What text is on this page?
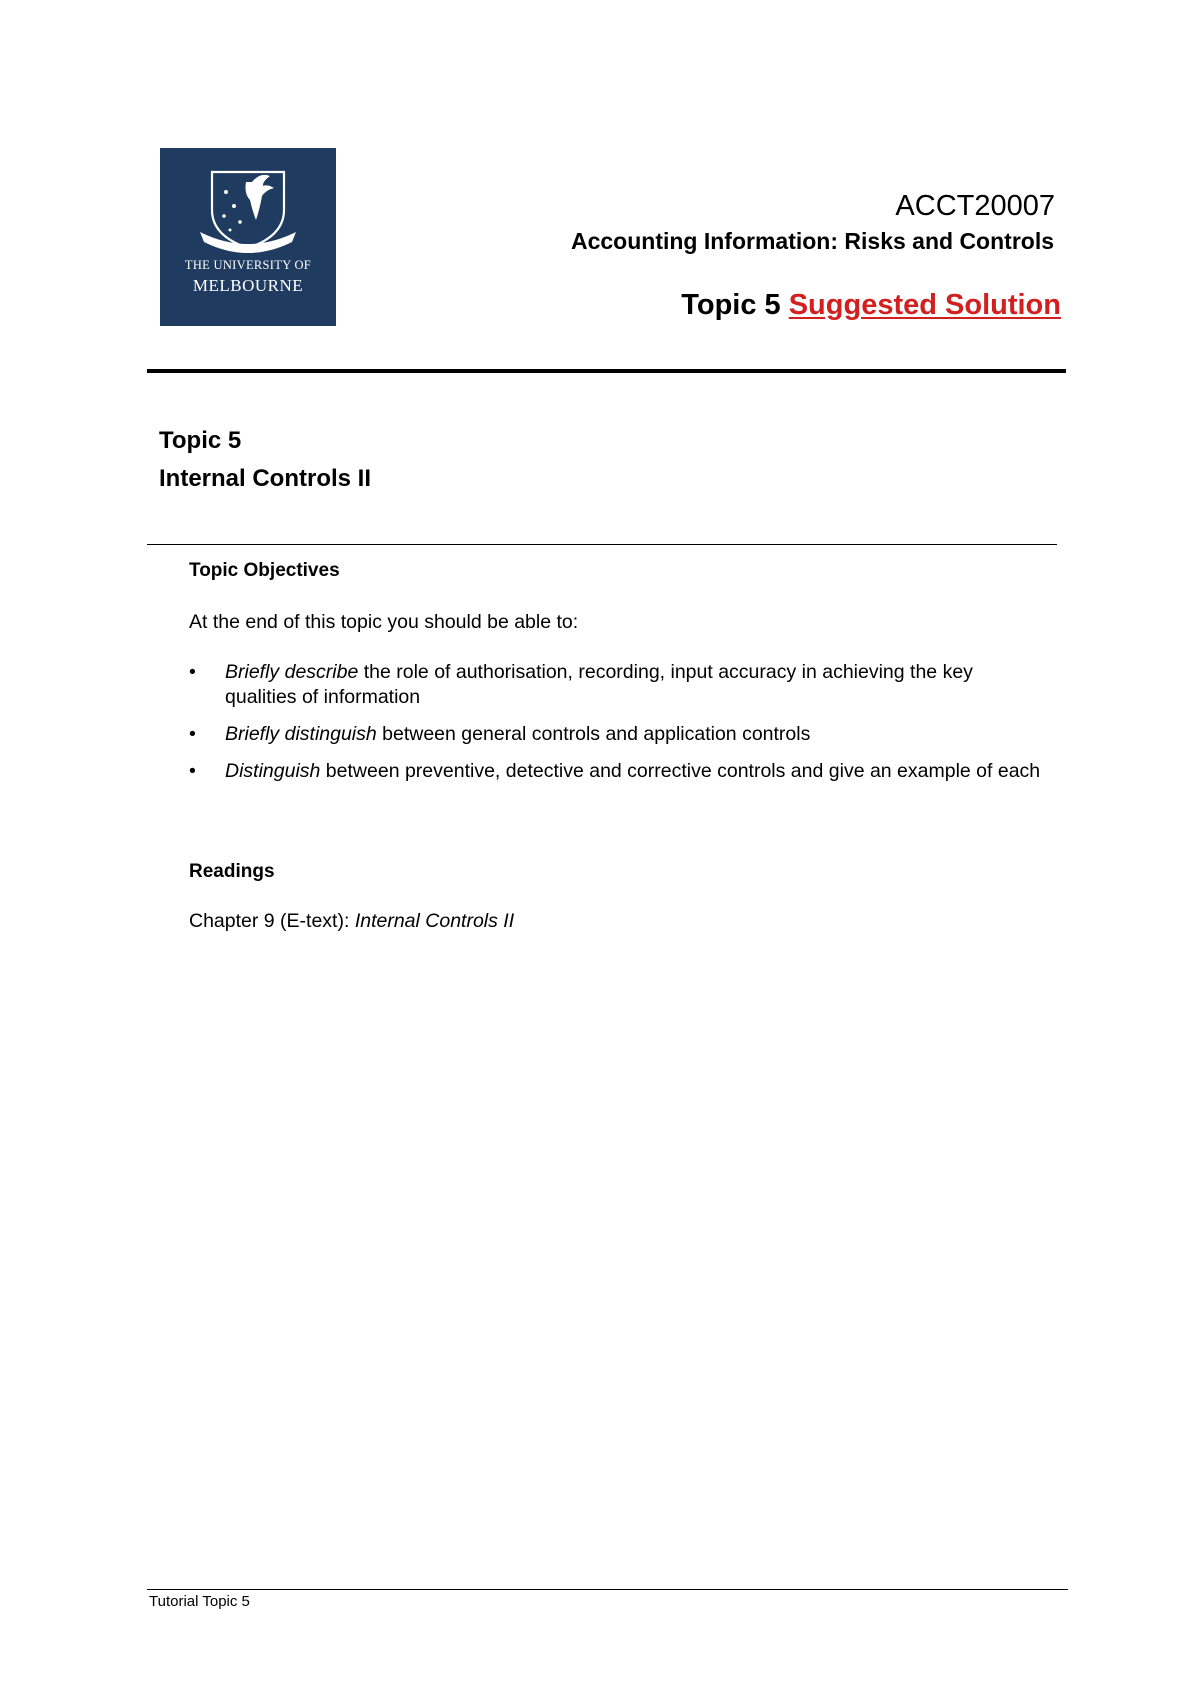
THE UNIVERSITY OF
MELBOURNE
ACCT20007
Accounting Information: Risks and Controls
Topic 5 Suggested Solution
Topic 5
Internal Controls II
Topic Objectives
At the end of this topic you should be able to:
• Briefly describe the role of authorisation, recording, input accuracy in achieving the key qualities of information
• Briefly distinguish between general controls and application controls
• Distinguish between preventive, detective and corrective controls and give an example of each
Readings
Chapter 9 (E-text): Internal Controls II
Tutorial Topic 5
